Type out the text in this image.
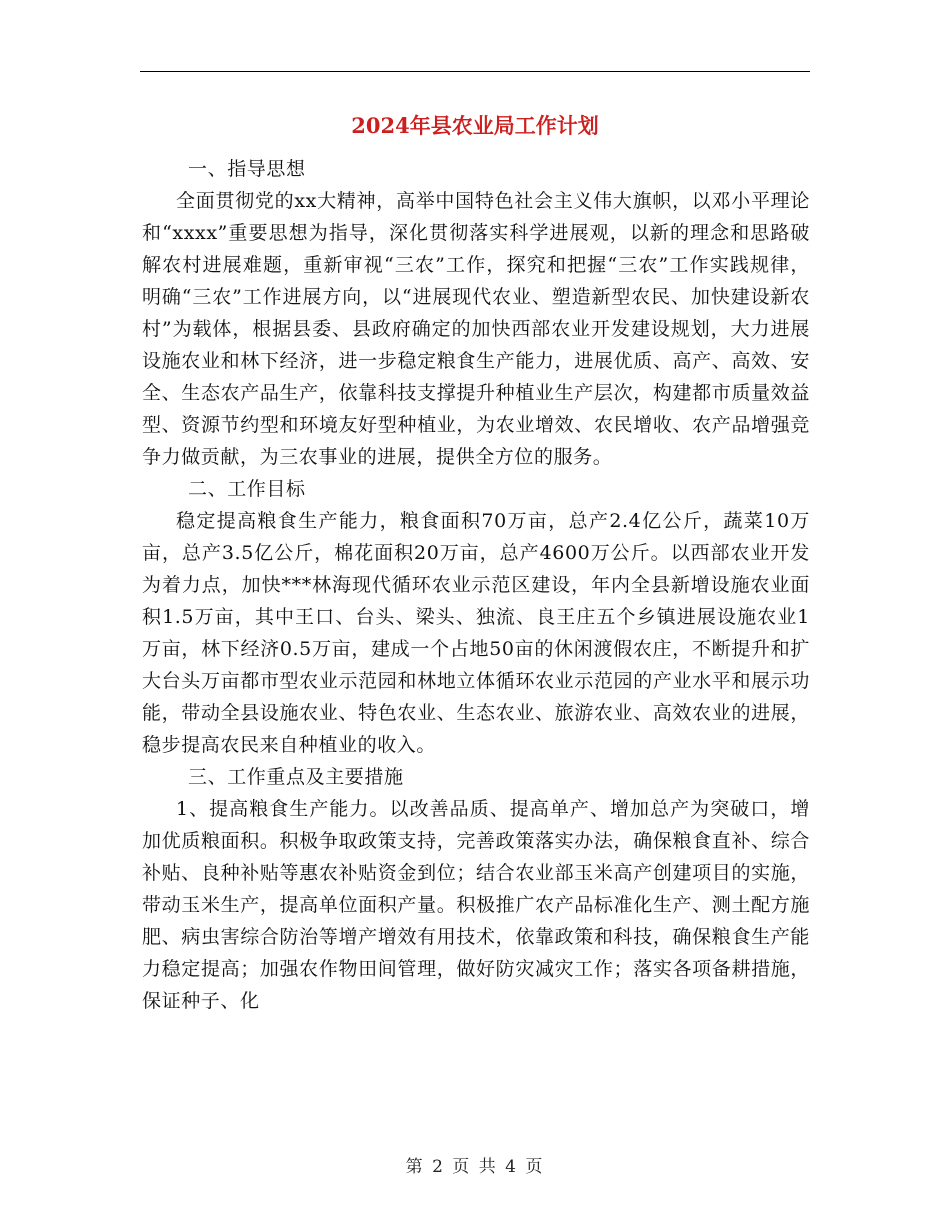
2024年县农业局工作计划

一、指导思想

全面贯彻党的xx大精神，高举中国特色社会主义伟大旗帜，以邓小平理论和“xxxx”重要思想为指导，深化贯彻落实科学进展观，以新的理念和思路破解农村进展难题，重新审视“三农”工作，探究和把握“三农”工作实践规律，明确“三农”工作进展方向，以“进展现代农业、塑造新型农民、加快建设新农村”为载体，根据县委、县政府确定的加快西部农业开发建设规划，大力进展设施农业和林下经济，进一步稳定粮食生产能力，进展优质、高产、高效、安全、生态农产品生产，依靠科技支撑提升种植业生产层次，构建都市质量效益型、资源节约型和环境友好型种植业，为农业增效、农民增收、农产品增强竞争力做贡献，为三农事业的进展，提供全方位的服务。

二、工作目标

稳定提高粮食生产能力，粮食面积70万亩，总产2.4亿公斤，蔬菜10万亩，总产3.5亿公斤，棉花面积20万亩，总产4600万公斤。以西部农业开发为着力点，加快***林海现代循环农业示范区建设，年内全县新增设施农业面积1.5万亩，其中王口、台头、梁头、独流、良王庄五个乡镇进展设施农业1万亩，林下经济0.5万亩，建成一个占地50亩的休闲渡假农庄，不断提升和扩大台头万亩都市型农业示范园和林地立体循环农业示范园的产业水平和展示功能，带动全县设施农业、特色农业、生态农业、旅游农业、高效农业的进展，稳步提高农民来自种植业的收入。

三、工作重点及主要措施

1、提高粮食生产能力。以改善品质、提高单产、增加总产为突破口，增加优质粮面积。积极争取政策支持，完善政策落实办法，确保粮食直补、综合补贴、良种补贴等惠农补贴资金到位；结合农业部玉米高产创建项目的实施，带动玉米生产，提高单位面积产量。积极推广农产品标准化生产、测土配方施肥、病虫害综合防治等增产增效有用技术，依靠政策和科技，确保粮食生产能力稳定提高；加强农作物田间管理，做好防灾减灾工作；落实各项备耕措施，保证种子、化

第 2 页 共 4 页
